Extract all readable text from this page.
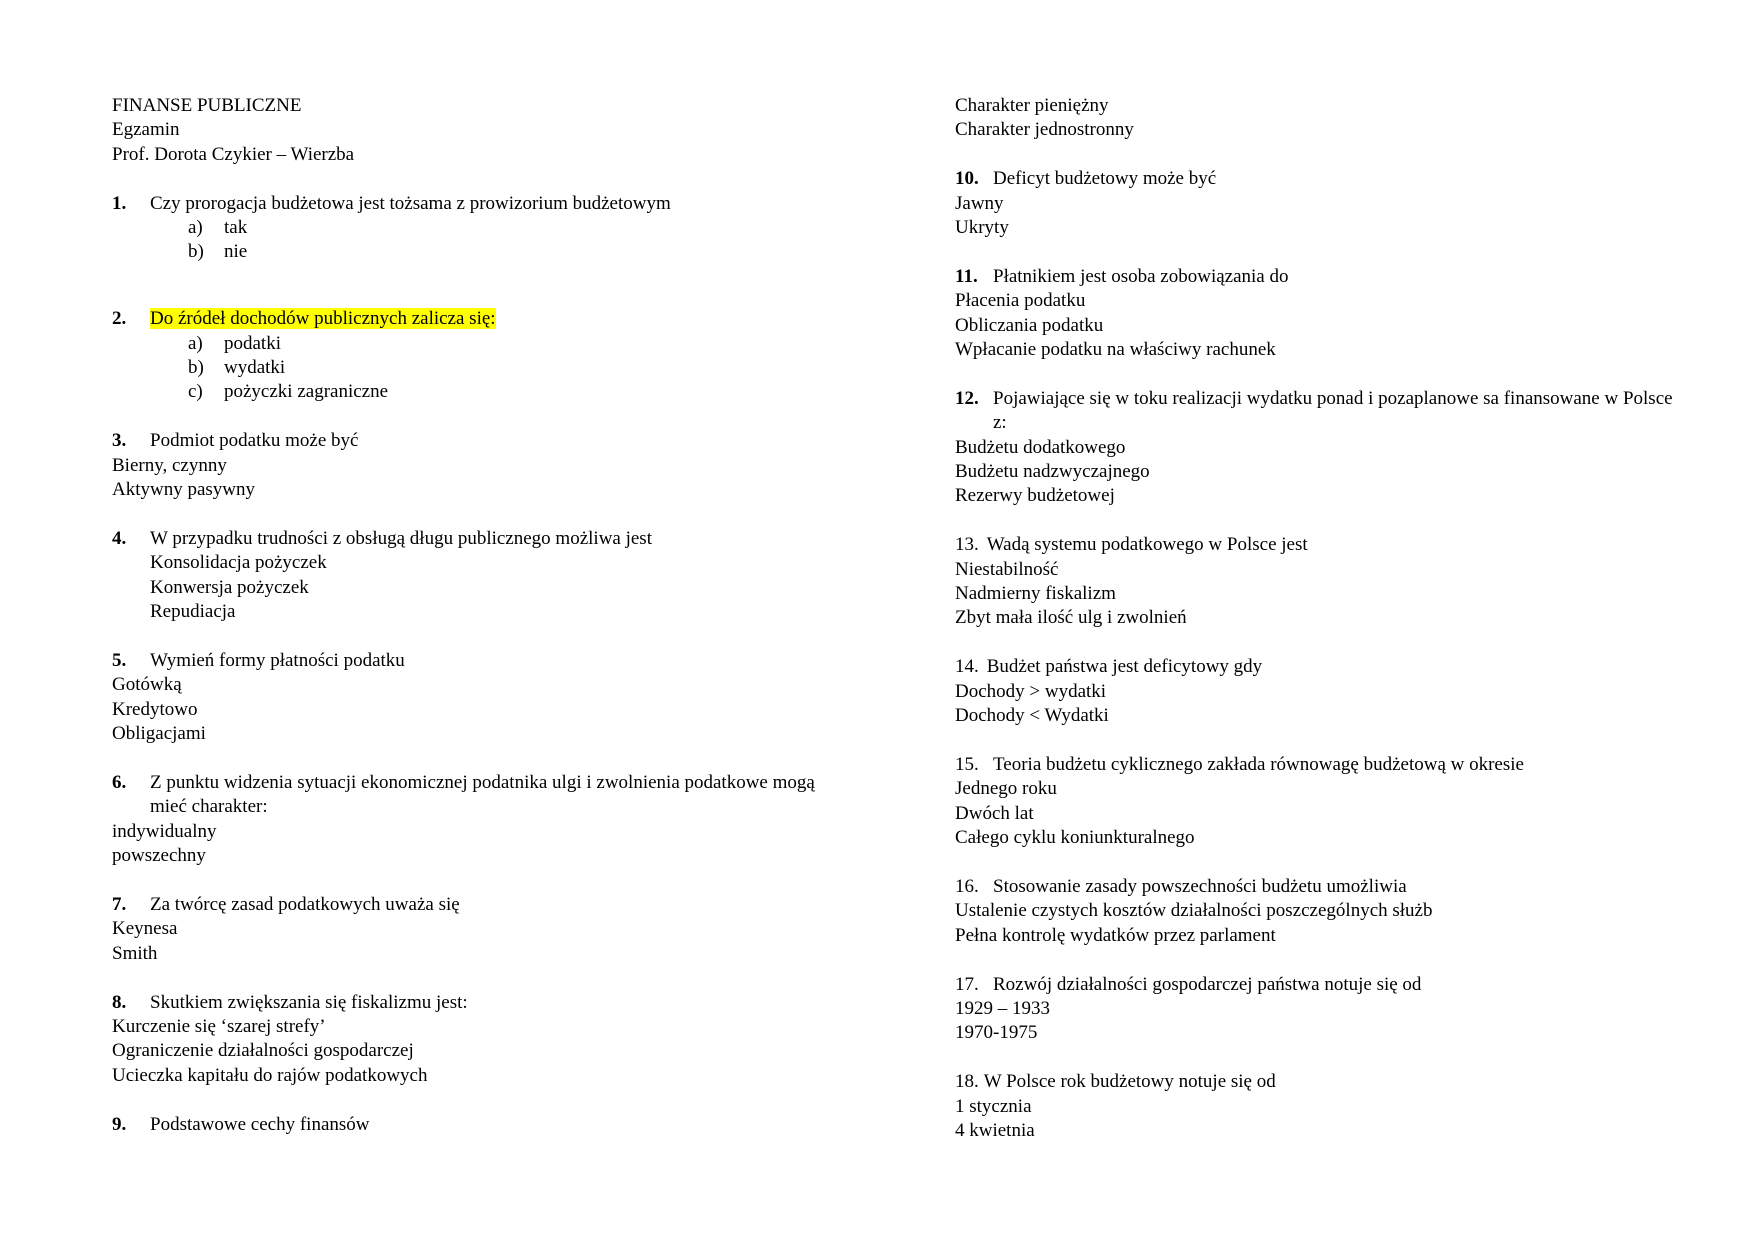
FINANSE PUBLICZNE
Egzamin
Prof. Dorota Czykier – Wierzba
1.	Czy prorogacja budżetowa jest tożsama z prowizorium budżetowym
a)	tak
b)	nie
2.	Do źródeł dochodów publicznych zalicza się:
a)	podatki
b)	wydatki
c)	pożyczki zagraniczne
3.	Podmiot podatku może być
Bierny, czynny
Aktywny pasywny
4.	W przypadku trudności z obsługą długu publicznego możliwa jest
Konsolidacja pożyczek
Konwersja pożyczek
Repudiacja
5.	Wymień formy płatności podatku
Gotówką
Kredytowo
Obligacjami
6.	Z punktu widzenia sytuacji ekonomicznej podatnika ulgi i zwolnienia podatkowe mogą mieć charakter:
indywidualny
powszechny
7.	Za twórcę zasad podatkowych uważa się
Keynesa
Smith
8.	Skutkiem zwiększania się fiskalizmu jest:
Kurczenie się ‘szarej strefy’
Ograniczenie działalności gospodarczej
Ucieczka kapitału do rajów podatkowych
9.	Podstawowe cechy finansów
Charakter pieniężny
Charakter jednostronny
10. Deficyt budżetowy może być
Jawny
Ukryty
11. Płatnikiem jest osoba zobowiązania do
Płacenia podatku
Obliczania podatku
Wpłacanie podatku na właściwy rachunek
12. Pojawiające się w toku realizacji wydatku ponad i pozaplanowe sa finansowane w Polsce z:
Budżetu dodatkowego
Budżetu nadzwyczajnego
Rezerwy budżetowej
13. Wadą systemu podatkowego w Polsce jest
Niestabilność
Nadmierny fiskalizm
Zbyt mała ilość ulg i zwolnień
14. Budżet państwa jest deficytowy gdy
Dochody > wydatki
Dochody < Wydatki
15. Teoria budżetu cyklicznego zakłada równowagę budżetową w okresie
Jednego roku
Dwóch lat
Całego cyklu koniunkturalnego
16. Stosowanie zasady powszechności budżetu umożliwia
Ustalenie czystych kosztów działalności poszczególnych służb
Pełna kontrolę wydatków przez parlament
17. Rozwój działalności gospodarczej państwa notuje się od
1929 – 1933
1970-1975
18. W Polsce rok budżetowy notuje się od
1 stycznia
4 kwietnia
